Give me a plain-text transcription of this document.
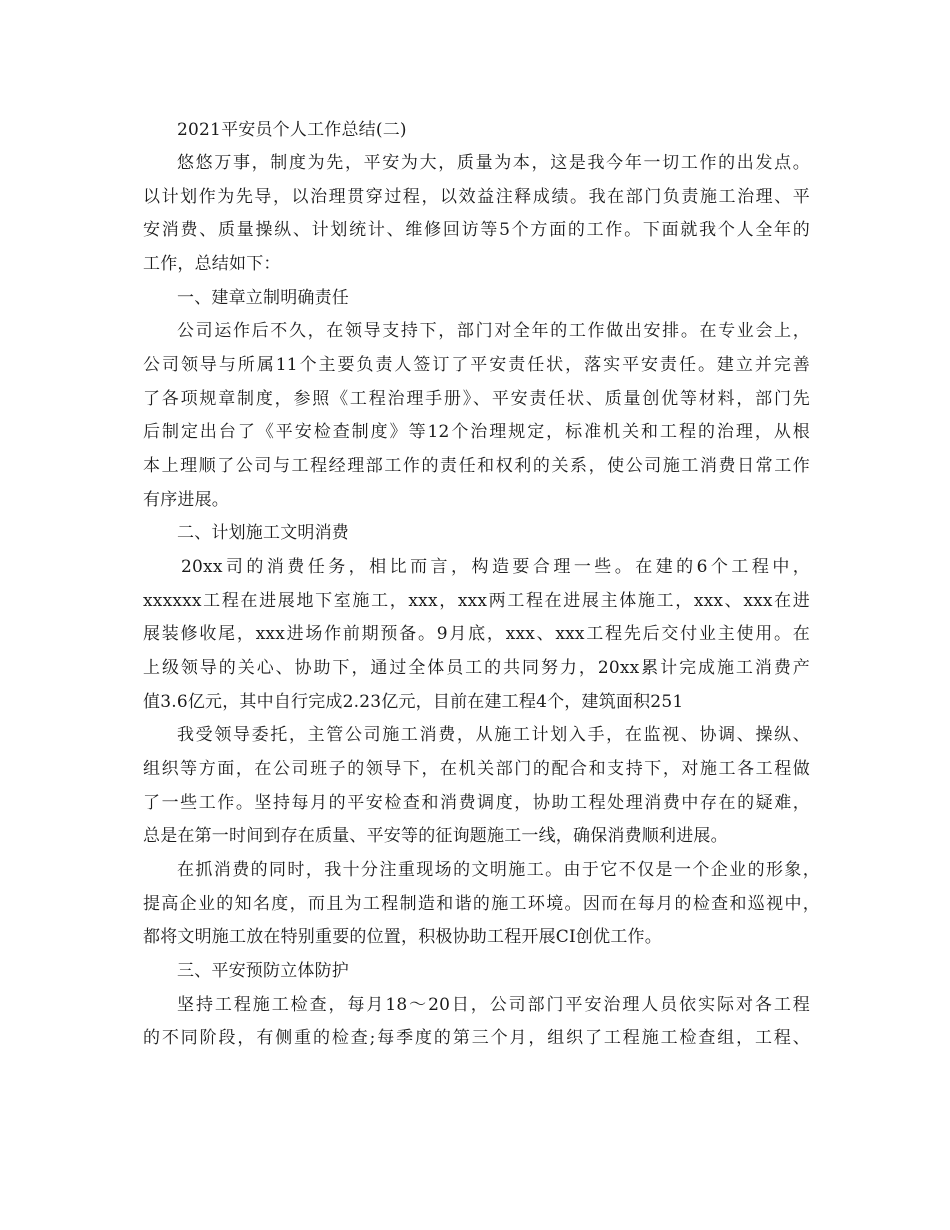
2021平安员个人工作总结(二)
悠悠万事，制度为先，平安为大，质量为本，这是我今年一切工作的出发点。
以计划作为先导，以治理贯穿过程，以效益注释成绩。我在部门负责施工治理、平
安消费、质量操纵、计划统计、维修回访等5个方面的工作。下面就我个人全年的
工作，总结如下：
一、建章立制明确责任
公司运作后不久，在领导支持下，部门对全年的工作做出安排。在专业会上，
公司领导与所属11个主要负责人签订了平安责任状，落实平安责任。建立并完善
了各项规章制度，参照《工程治理手册》、平安责任状、质量创优等材料，部门先
后制定出台了《平安检查制度》等12个治理规定，标准机关和工程的治理，从根
本上理顺了公司与工程经理部工作的责任和权利的关系，使公司施工消费日常工作
有序进展。
二、计划施工文明消费
20xx司的消费任务，相比而言，构造要合理一些。在建的6个工程中，
xxxxxx工程在进展地下室施工，xxx，xxx两工程在进展主体施工，xxx、xxx在进
展装修收尾，xxx进场作前期预备。9月底，xxx、xxx工程先后交付业主使用。在
上级领导的关心、协助下，通过全体员工的共同努力，20xx累计完成施工消费产
值3.6亿元，其中自行完成2.23亿元，目前在建工程4个，建筑面积251
我受领导委托，主管公司施工消费，从施工计划入手，在监视、协调、操纵、
组织等方面，在公司班子的领导下，在机关部门的配合和支持下，对施工各工程做
了一些工作。坚持每月的平安检查和消费调度，协助工程处理消费中存在的疑难，
总是在第一时间到存在质量、平安等的征询题施工一线，确保消费顺利进展。
在抓消费的同时，我十分注重现场的文明施工。由于它不仅是一个企业的形象，
提高企业的知名度，而且为工程制造和谐的施工环境。因而在每月的检查和巡视中，
都将文明施工放在特别重要的位置，积极协助工程开展CI创优工作。
三、平安预防立体防护
坚持工程施工检查，每月18～20日，公司部门平安治理人员依实际对各工程
的不同阶段，有侧重的检查;每季度的第三个月，组织了工程施工检查组，工程、
